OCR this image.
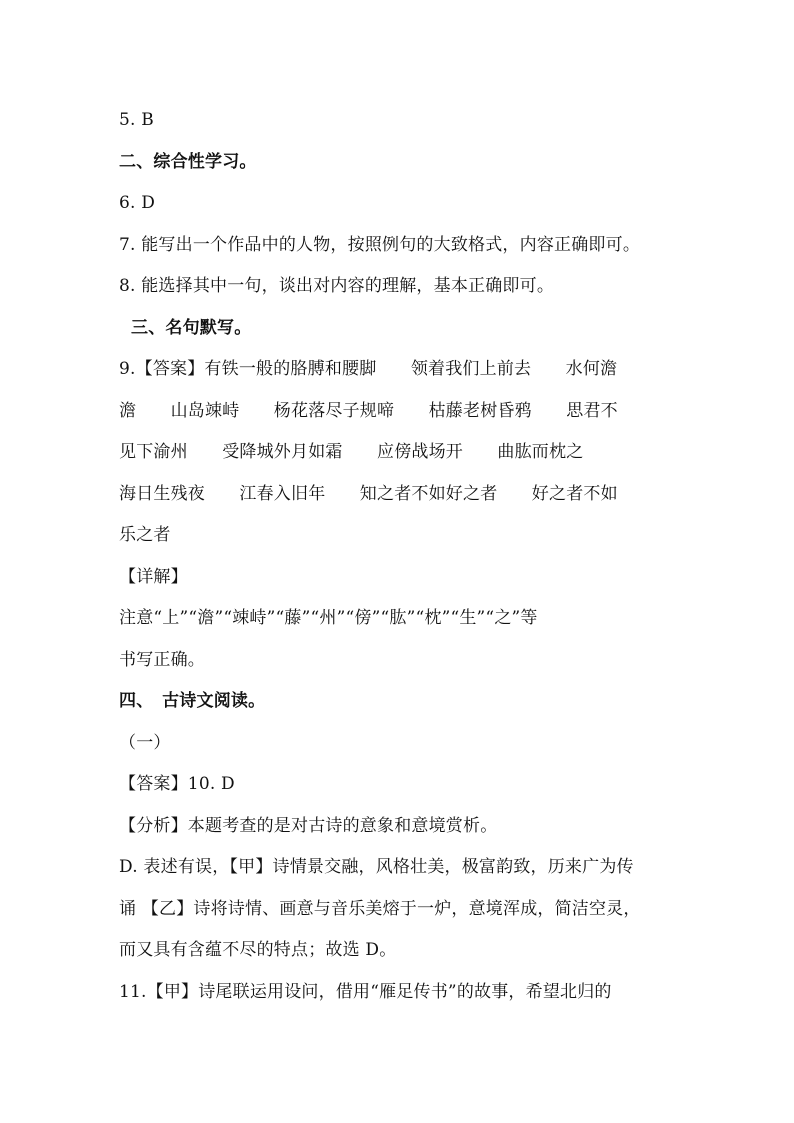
5. B
二、综合性学习。
6. D
7. 能写出一个作品中的人物，按照例句的大致格式，内容正确即可。
8. 能选择其中一句，谈出对内容的理解，基本正确即可。
三、名句默写。
9.【答案】有铁一般的胳膊和腰脚　　领着我们上前去　　水何澹
澹　　山岛竦峙　　杨花落尽子规啼　　枯藤老树昏鸦　　思君不
见下渝州　　受降城外月如霜　　应傍战场开　　曲肱而枕之
海日生残夜　　江春入旧年　　知之者不如好之者　　好之者不如
乐之者
【详解】
注意“上”“澹”“竦峙”“藤”“州”“傍”“肱”“枕”“生”“之”等
书写正确。
四、　古诗文阅读。
（一）
【答案】10. D
【分析】本题考查的是对古诗的意象和意境赏析。
D. 表述有误，【甲】诗情景交融，风格壮美，极富韵致，历来广为传
诵 【乙】诗将诗情、画意与音乐美熔于一炉，意境浑成，简洁空灵，
而又具有含蕴不尽的特点；故选 D。
11.【甲】诗尾联运用设问，借用“雁足传书”的故事，希望北归的
